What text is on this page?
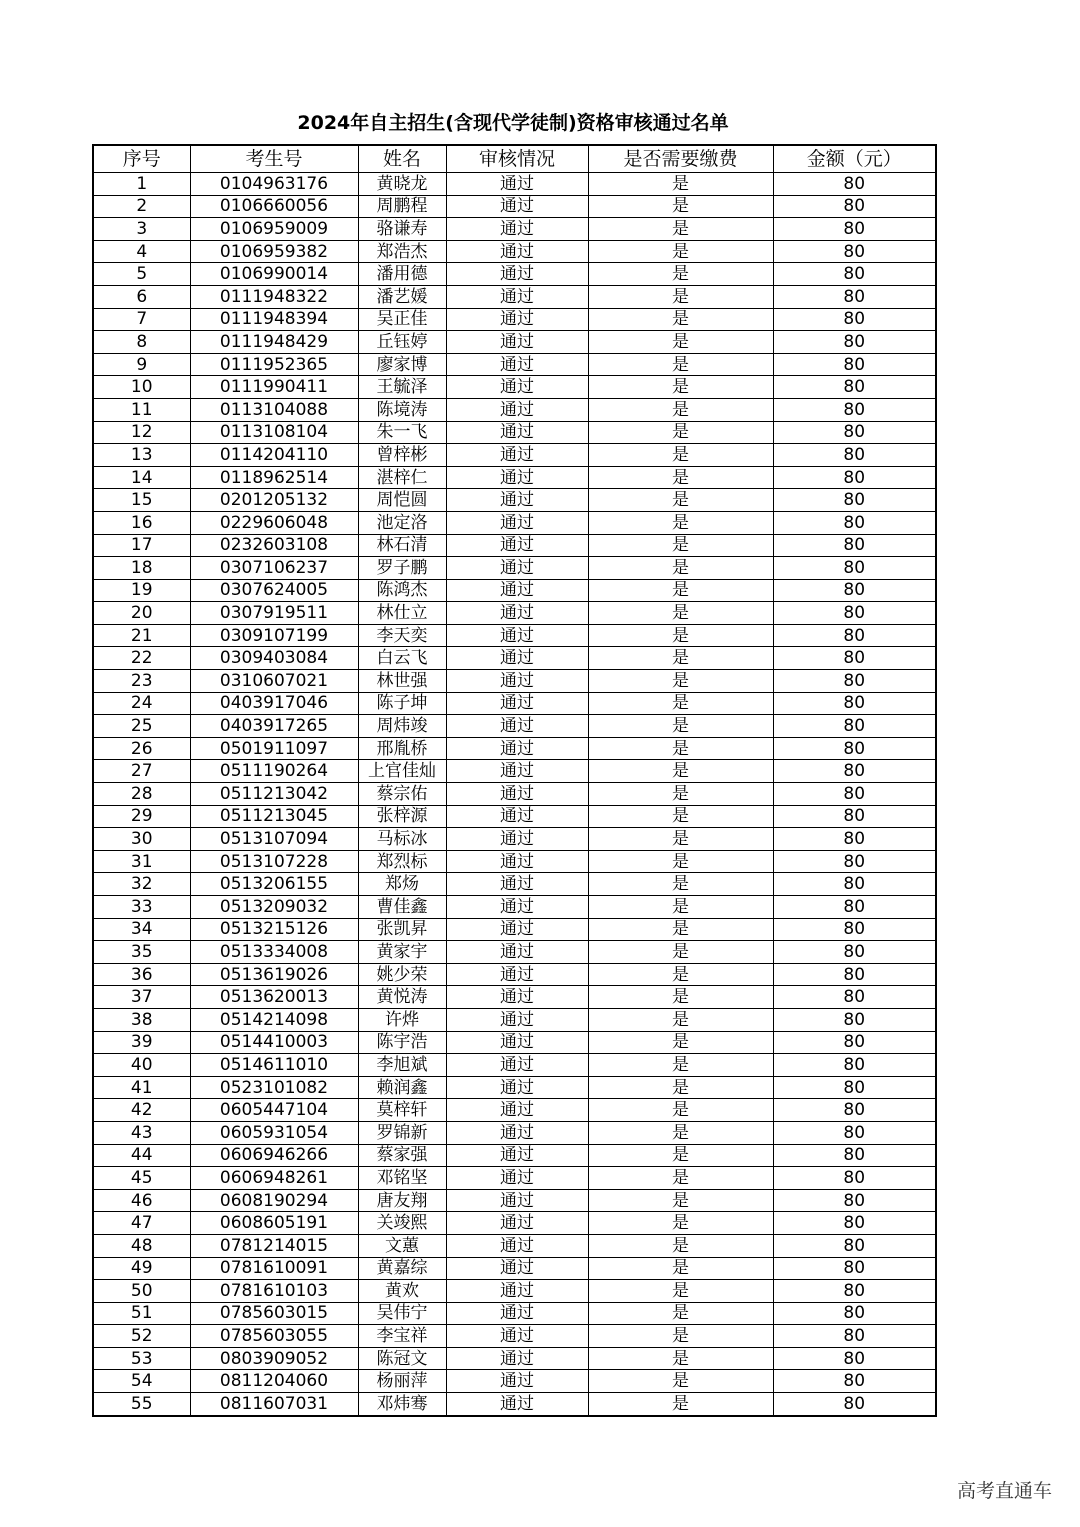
2024年自主招生(含现代学徒制)资格审核通过名单
序号	考生号	姓名	审核情况	是否需要缴费	金额（元）
1	0104963176	黄晓龙	通过	是	80
2	0106660056	周鹏程	通过	是	80
3	0106959009	骆谦寿	通过	是	80
4	0106959382	郑浩杰	通过	是	80
5	0106990014	潘用德	通过	是	80
6	0111948322	潘艺媛	通过	是	80
7	0111948394	吴正佳	通过	是	80
8	0111948429	丘钰婷	通过	是	80
9	0111952365	廖家博	通过	是	80
10	0111990411	王毓泽	通过	是	80
11	0113104088	陈境涛	通过	是	80
12	0113108104	朱一飞	通过	是	80
13	0114204110	曾梓彬	通过	是	80
14	0118962514	湛梓仁	通过	是	80
15	0201205132	周恺圆	通过	是	80
16	0229606048	池定洛	通过	是	80
17	0232603108	林石清	通过	是	80
18	0307106237	罗子鹏	通过	是	80
19	0307624005	陈鸿杰	通过	是	80
20	0307919511	林仕立	通过	是	80
21	0309107199	李天奕	通过	是	80
22	0309403084	白云飞	通过	是	80
23	0310607021	林世强	通过	是	80
24	0403917046	陈子坤	通过	是	80
25	0403917265	周炜竣	通过	是	80
26	0501911097	邢胤桥	通过	是	80
27	0511190264	上官佳灿	通过	是	80
28	0511213042	蔡宗佑	通过	是	80
29	0511213045	张梓源	通过	是	80
30	0513107094	马标冰	通过	是	80
31	0513107228	郑烈标	通过	是	80
32	0513206155	郑炀	通过	是	80
33	0513209032	曹佳鑫	通过	是	80
34	0513215126	张凯昇	通过	是	80
35	0513334008	黄家宇	通过	是	80
36	0513619026	姚少荣	通过	是	80
37	0513620013	黄悦涛	通过	是	80
38	0514214098	许烨	通过	是	80
39	0514410003	陈宇浩	通过	是	80
40	0514611010	李旭斌	通过	是	80
41	0523101082	赖润鑫	通过	是	80
42	0605447104	莫梓轩	通过	是	80
43	0605931054	罗锦新	通过	是	80
44	0606946266	蔡家强	通过	是	80
45	0606948261	邓铭坚	通过	是	80
46	0608190294	唐友翔	通过	是	80
47	0608605191	关竣熙	通过	是	80
48	0781214015	文蕙	通过	是	80
49	0781610091	黄嘉综	通过	是	80
50	0781610103	黄欢	通过	是	80
51	0785603015	吴伟宁	通过	是	80
52	0785603055	李宝祥	通过	是	80
53	0803909052	陈冠文	通过	是	80
54	0811204060	杨丽萍	通过	是	80
55	0811607031	邓炜骞	通过	是	80
高考直通车
